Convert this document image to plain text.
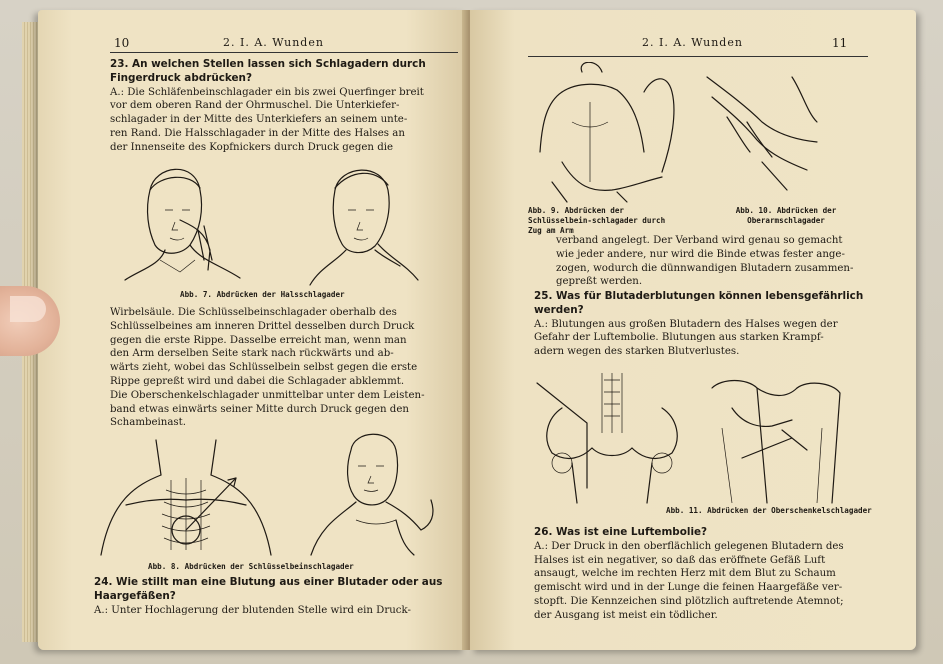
10	2. I. A. Wunden
23. An welchen Stellen lassen sich Schlagadern durch Fingerdruck abdrücken?
A.: Die Schläfenbeinschlagader ein bis zwei Querfinger breit
vor dem oberen Rand der Ohrmuschel. Die Unterkiefer-
schlagader in der Mitte des Unterkiefers an seinem unte-
ren Rand. Die Halsschlagader in der Mitte des Halses an
der Innenseite des Kopfnickers durch Druck gegen die
Abb. 7. Abdrücken der Halsschlagader
Wirbelsäule. Die Schlüsselbeinschlagader oberhalb des
Schlüsselbeines am inneren Drittel desselben durch Druck
gegen die erste Rippe. Dasselbe erreicht man, wenn man
den Arm derselben Seite stark nach rückwärts und ab-
wärts zieht, wobei das Schlüsselbein selbst gegen die erste
Rippe gepreßt wird und dabei die Schlagader abklemmt.
Die Oberschenkelschlagader unmittelbar unter dem Leisten-
band etwas einwärts seiner Mitte durch Druck gegen den
Schambeinast.
Abb. 8. Abdrücken der Schlüsselbeinschlagader
24. Wie stillt man eine Blutung aus einer Blutader oder aus Haargefäßen?
A.: Unter Hochlagerung der blutenden Stelle wird ein Druck-
2. I. A. Wunden	11
Abb. 9. Abdrücken der Schlüsselbein-schlagader durch Zug am Arm
Abb. 10. Abdrücken der Oberarmschlagader
verband angelegt. Der Verband wird genau so gemacht
wie jeder andere, nur wird die Binde etwas fester ange-
zogen, wodurch die dünnwandigen Blutadern zusammen-
gepreßt werden.
25. Was für Blutaderblutungen können lebensgefährlich werden?
A.: Blutungen aus großen Blutadern des Halses wegen der
Gefahr der Luftembolie. Blutungen aus starken Krampf-
adern wegen des starken Blutverlustes.
Abb. 11. Abdrücken der Oberschenkelschlagader
26. Was ist eine Luftembolie?
A.: Der Druck in den oberflächlich gelegenen Blutadern des
Halses ist ein negativer, so daß das eröffnete Gefäß Luft
ansaugt, welche im rechten Herz mit dem Blut zu Schaum
gemischt wird und in der Lunge die feinen Haargefäße ver-
stopft. Die Kennzeichen sind plötzlich auftretende Atemnot;
der Ausgang ist meist ein tödlicher.
